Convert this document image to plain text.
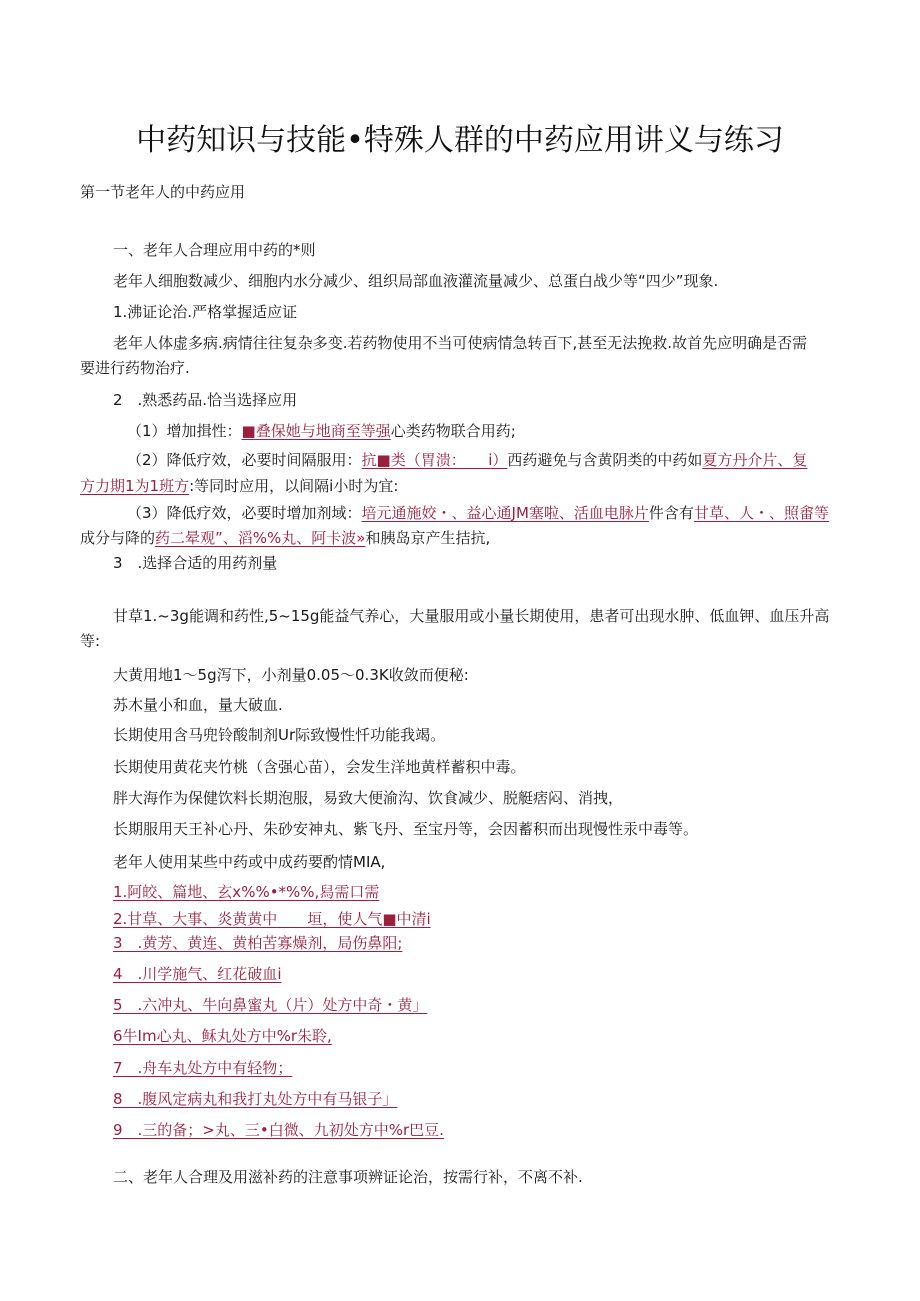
中药知识与技能•特殊人群的中药应用讲义与练习
第一节老年人的中药应用
一、老年人合理应用中药的*则
老年人细胞数减少、细胞内水分减少、组织局部血液灌流量减少、总蛋白战少等“四少”现象.
1.沸证论治.严格掌握适应证
老年人体虚多病.病情往往复杂多变.若药物使用不当可使病情急转百下,甚至无法挽救.故首先应明确是否需
要进行药物治疗.
2　.熟悉药品.恰当选择应用
（1）增加揖性：■叠保她与地商至等强心类药物联合用药;
（2）降低疗效，必要时间隔服用：抗■类（胃溃：　　i）西药避免与含黄阴类的中药如夏方丹介片、复
方力期1为1班方:等同时应用，以间隔i小时为宜:
（3）降低疗效，必要时增加剂域：培元通施姣・、益心通JM塞啦、活血电脉片件含有甘草、人・、照畬等
成分与降的药二晕观”、滔%%丸、阿卡波»和胰岛京产生拮抗,
3　.选择合适的用药剂量
甘草1.~3g能调和药性,5~15g能益气养心，大量服用或小量长期使用，患者可出现水肿、低血钾、血压升高
等:
大黄用地1〜5g泻下，小剂量0.05〜0.3K收敛而便秘:
苏木量小和血，量大破血.
长期使用含马兜铃酸制剂Ur际致慢性忏功能我竭。
长期使用黄花夹竹桃（含强心苗），会发生洋地黄样蓄积中毒。
胖大海作为保健饮料长期泡服，易致大便渝沟、饮食减少、脱艇痞闷、消拽，
长期服用天王补心丹、朱砂安神丸、紫飞丹、至宝丹等，会因蓄积而出现慢性汞中毒等。
老年人使用某些中药或中成药要酌情MIA,
1.阿皎、篇地、玄x%%•*%%,舄需口需
2.甘草、大事、炎黄黄中　　垣，使人气■中清i
3　.黄芳、黄连、黄柏苦寡燥剂，局伤鼻阳;
4　.川学施气、红花破血i
5　.六冲丸、牛向鼻蜜丸（片）处方中奇・黄」
6牛Im心丸、稣丸处方中%r朱聆,
7　.舟车丸处方中有轻物；
8　.腹风定病丸和我打丸处方中有马银子」
9　.三的备；>丸、三•白微、九初处方中%r巴豆.
二、老年人合理及用滋补药的注意事项辨证论治，按需行补，不离不补.
